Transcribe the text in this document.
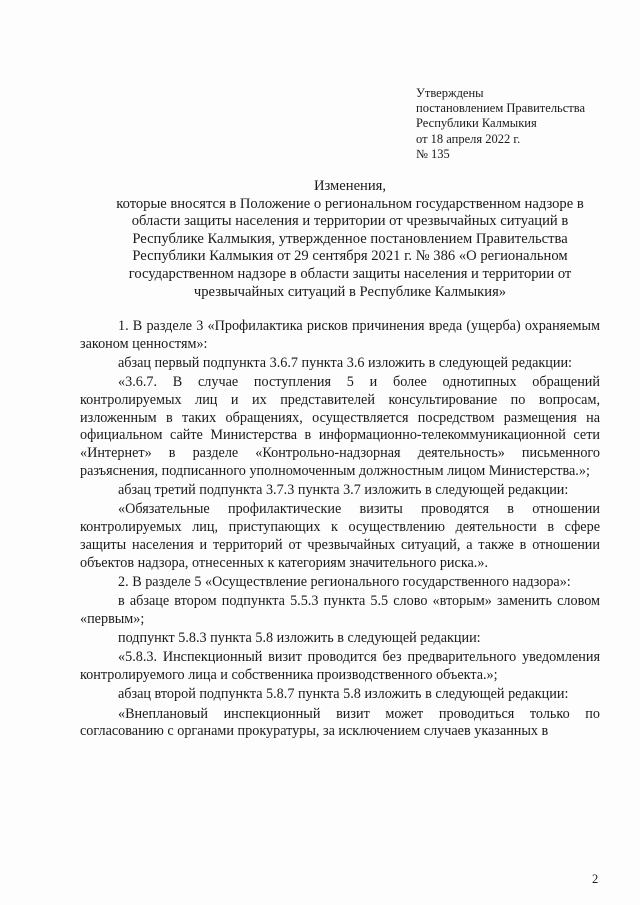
Утверждены
постановлением Правительства
Республики Калмыкия
от 18 апреля 2022 г.
№ 135
Изменения,
которые вносятся в Положение о региональном государственном надзоре в
области защиты населения и территории от чрезвычайных ситуаций в
Республике Калмыкия, утвержденное постановлением Правительства
Республики Калмыкия от 29 сентября 2021 г. № 386 «О региональном
государственном надзоре в области защиты населения и территории от
чрезвычайных ситуаций в Республике Калмыкия»

1. В разделе 3 «Профилактика рисков причинения вреда (ущерба) охраняемым законом ценностям»:

абзац первый подпункта 3.6.7 пункта 3.6 изложить в следующей редакции:

«3.6.7. В случае поступления 5 и более однотипных обращений контролируемых лиц и их представителей консультирование по вопросам, изложенным в таких обращениях, осуществляется посредством размещения на официальном сайте Министерства в информационно-телекоммуникационной сети «Интернет» в разделе «Контрольно-надзорная деятельность» письменного разъяснения, подписанного уполномоченным должностным лицом Министерства.»;

абзац третий подпункта 3.7.3 пункта 3.7 изложить в следующей редакции:

«Обязательные профилактические визиты проводятся в отношении контролируемых лиц, приступающих к осуществлению деятельности в сфере защиты населения и территорий от чрезвычайных ситуаций, а также в отношении объектов надзора, отнесенных к категориям значительного риска.».

2. В разделе 5 «Осуществление регионального государственного надзора»:

в абзаце втором подпункта 5.5.3 пункта 5.5 слово «вторым» заменить словом «первым»;

подпункт 5.8.3 пункта 5.8 изложить в следующей редакции:

«5.8.3. Инспекционный визит проводится без предварительного уведомления контролируемого лица и собственника производственного объекта.»;

абзац второй подпункта 5.8.7 пункта 5.8 изложить в следующей редакции:

«Внеплановый инспекционный визит может проводиться только по согласованию с органами прокуратуры, за исключением случаев указанных в

2
